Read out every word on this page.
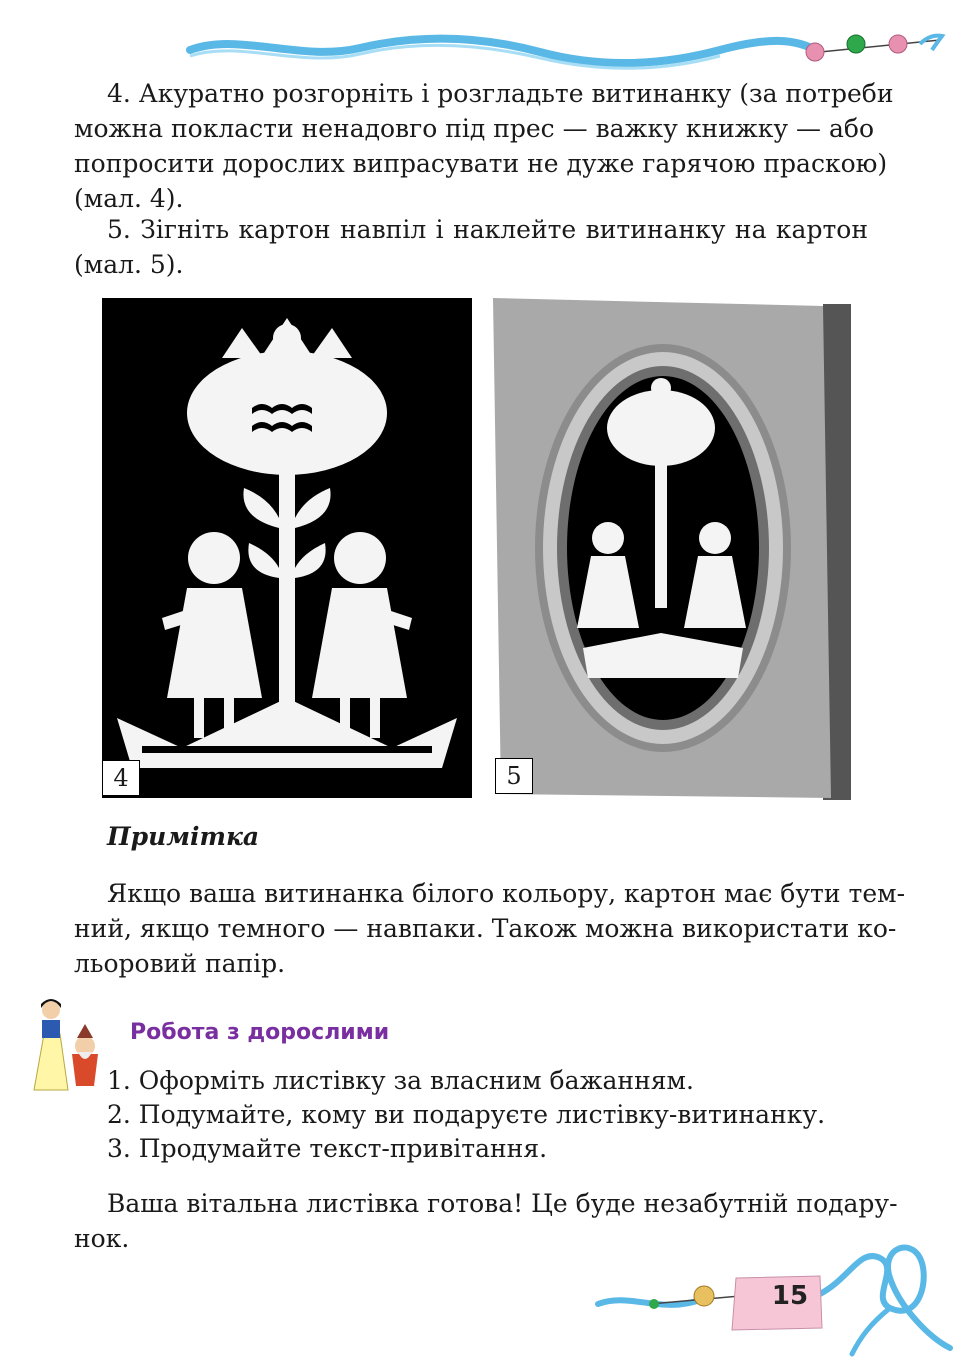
4. Акуратно розгорніть і розгладьте витинанку (за потреби
можна покласти ненадовго під прес — важку книжку — або
попросити дорослих випрасувати не дуже гарячою праскою)
(мал. 4).
5. Зігніть картон навпіл і наклейте витинанку на картон
(мал. 5).
4	5
Примітка
Якщо ваша витинанка білого кольору, картон має бути тем-
ний, якщо темного — навпаки. Також можна використати ко-
льоровий папір.
Робота з дорослими
1. Оформіть листівку за власним бажанням.
2. Подумайте, кому ви подаруєте листівку-витинанку.
3. Продумайте текст-привітання.
Ваша вітальна листівка готова! Це буде незабутній подару-
нок.
15
